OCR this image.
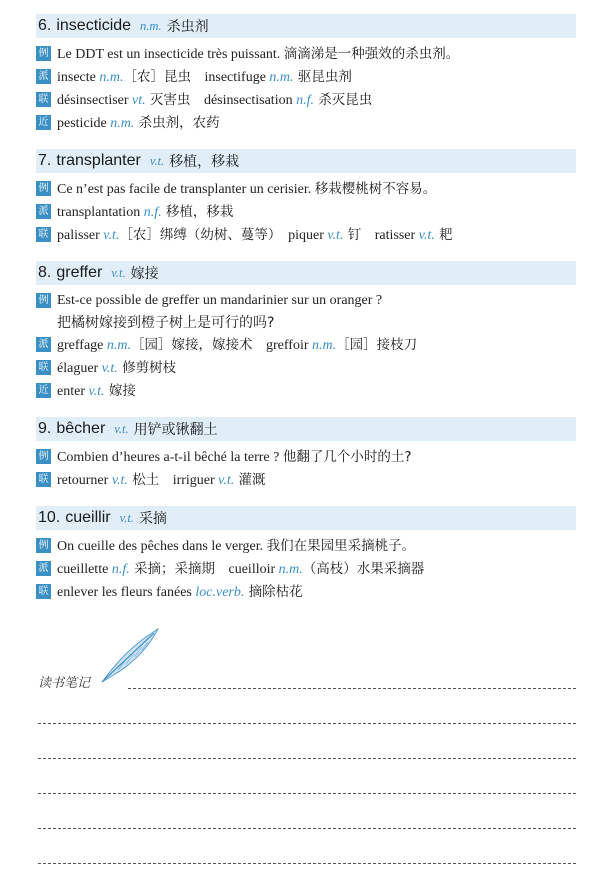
6. insecticide n.m. 杀虫剂
例 Le DDT est un insecticide très puissant. 滴滴涕是一种强效的杀虫剂。
派 insecte n.m.［农］昆虫　insectifuge n.m. 驱昆虫剂
联 désinsectiser vt. 灭害虫　désinsectisation n.f. 杀灭昆虫
近 pesticide n.m. 杀虫剂，农药
7. transplanter v.t. 移植，移栽
例 Ce n’est pas facile de transplanter un cerisier. 移栽樱桃树不容易。
派 transplantation n.f. 移植，移栽
联 palisser v.t.［农］绑缚（幼树、蔓等）　piquer v.t. 钉　ratisser v.t. 耙
8. greffer v.t. 嫁接
例 Est-ce possible de greffer un mandarinier sur un oranger ?
把橘树嫁接到橙子树上是可行的吗?
派 greffage n.m.［园］嫁接，嫁接术　greffoir n.m.［园］接枝刀
联 élaguer v.t. 修剪树枝
近 enter v.t. 嫁接
9. bêcher v.t. 用铲或锹翻土
例 Combien d’heures a-t-il bêché la terre ? 他翻了几个小时的土?
联 retourner v.t. 松土　irriguer v.t. 灌溉
10. cueillir v.t. 采摘
例 On cueille des pêches dans le verger. 我们在果园里采摘桃子。
派 cueillette n.f. 采摘；采摘期　cueilloir n.m.（高枝）水果采摘器
联 enlever les fleurs fanées loc.verb. 摘除枯花
读书笔记
